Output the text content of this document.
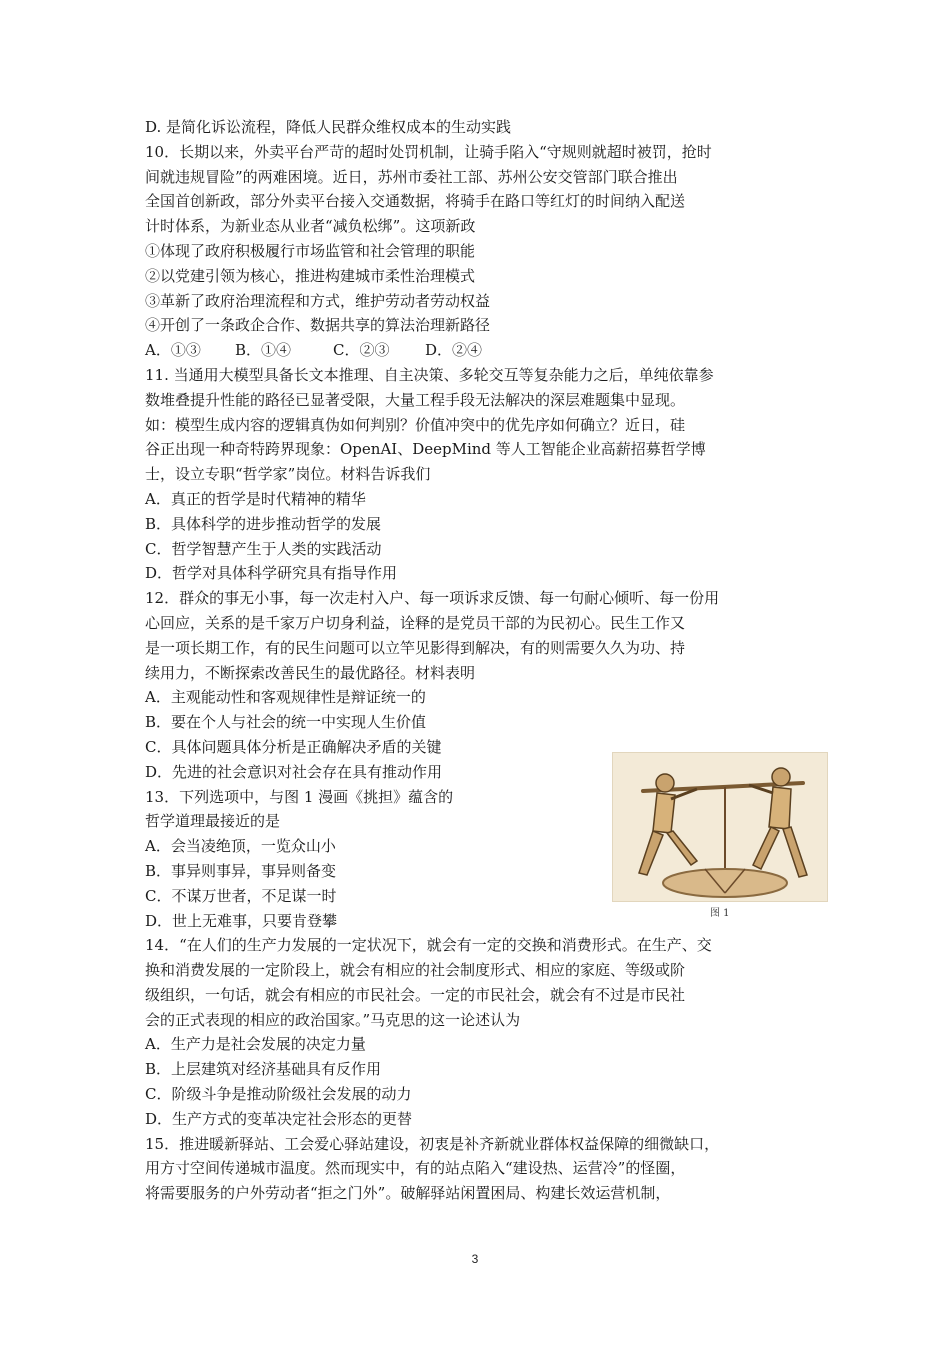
D. 是简化诉讼流程，降低人民群众维权成本的生动实践
10．长期以来，外卖平台严苛的超时处罚机制，让骑手陷入“守规则就超时被罚，抢时
间就违规冒险”的两难困境。近日，苏州市委社工部、苏州公安交管部门联合推出
全国首创新政，部分外卖平台接入交通数据，将骑手在路口等红灯的时间纳入配送
计时体系，为新业态从业者“减负松绑”。这项新政
①体现了政府积极履行市场监管和社会管理的职能
②以党建引领为核心，推进构建城市柔性治理模式
③革新了政府治理流程和方式，维护劳动者劳动权益
④开创了一条政企合作、数据共享的算法治理新路径
A．①③ B．①④	C．②③ D．②④
11. 当通用大模型具备长文本推理、自主决策、多轮交互等复杂能力之后，单纯依靠参
数堆叠提升性能的路径已显著受限，大量工程手段无法解决的深层难题集中显现。
如：模型生成内容的逻辑真伪如何判别？价值冲突中的优先序如何确立？近日，硅
谷正出现一种奇特跨界现象：OpenAI、DeepMind 等人工智能企业高薪招募哲学博
士，设立专职“哲学家”岗位。材料告诉我们
A．真正的哲学是时代精神的精华
B．具体科学的进步推动哲学的发展
C．哲学智慧产生于人类的实践活动
D．哲学对具体科学研究具有指导作用
12．群众的事无小事，每一次走村入户、每一项诉求反馈、每一句耐心倾听、每一份用
心回应，关系的是千家万户切身利益，诠释的是党员干部的为民初心。民生工作又
是一项长期工作，有的民生问题可以立竿见影得到解决，有的则需要久久为功、持
续用力，不断探索改善民生的最优路径。材料表明
A．主观能动性和客观规律性是辩证统一的
B．要在个人与社会的统一中实现人生价值
C．具体问题具体分析是正确解决矛盾的关键
D．先进的社会意识对社会存在具有推动作用
13．下列选项中，与图 1 漫画《挑担》蕴含的
哲学道理最接近的是
A．会当凌绝顶，一览众山小
B．事异则事异，事异则备变
C．不谋万世者，不足谋一时
D．世上无难事，只要肯登攀
14．“在人们的生产力发展的一定状况下，就会有一定的交换和消费形式。在生产、交
换和消费发展的一定阶段上，就会有相应的社会制度形式、相应的家庭、等级或阶
级组织，一句话，就会有相应的市民社会。一定的市民社会，就会有不过是市民社
会的正式表现的相应的政治国家。”马克思的这一论述认为
A．生产力是社会发展的决定力量
B．上层建筑对经济基础具有反作用
C．阶级斗争是推动阶级社会发展的动力
D．生产方式的变革决定社会形态的更替
15．推进暖新驿站、工会爱心驿站建设，初衷是补齐新就业群体权益保障的细微缺口，
用方寸空间传递城市温度。然而现实中，有的站点陷入“建设热、运营冷”的怪圈，
将需要服务的户外劳动者“拒之门外”。破解驿站闲置困局、构建长效运营机制，
图 1
3
